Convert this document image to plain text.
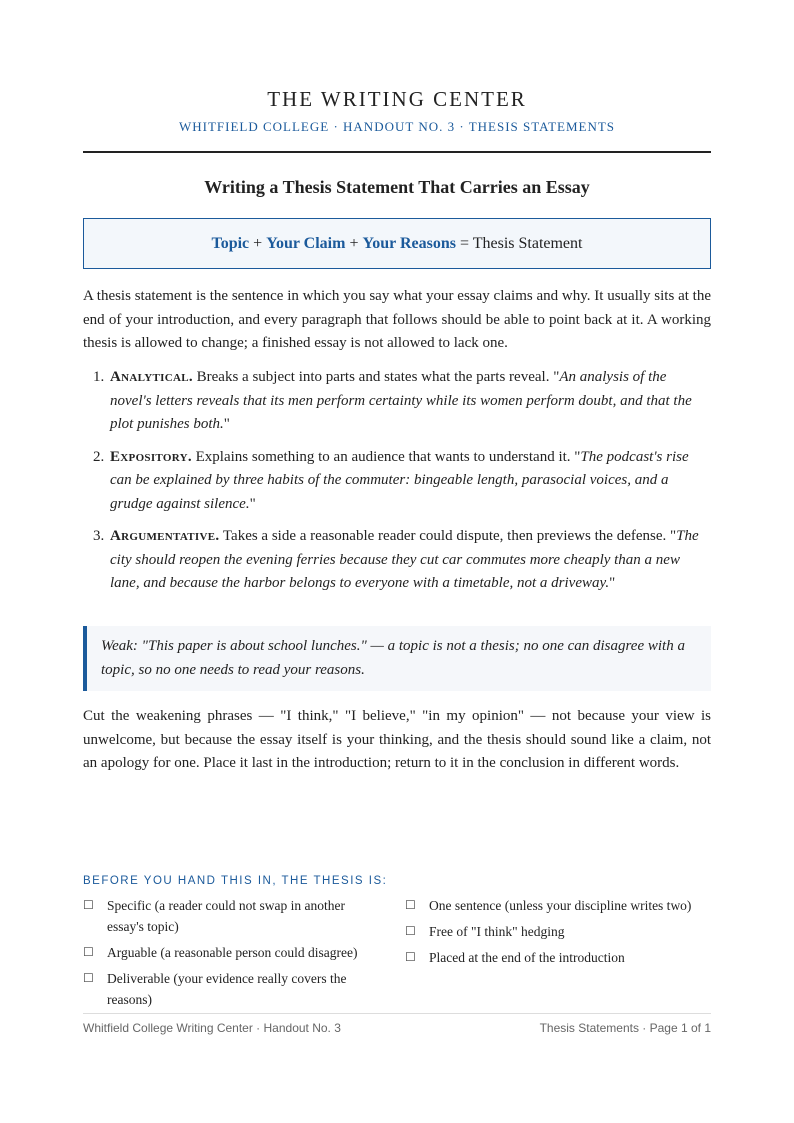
THE WRITING CENTER
WHITFIELD COLLEGE · HANDOUT NO. 3 · THESIS STATEMENTS
Writing a Thesis Statement That Carries an Essay
Topic + Your Claim + Your Reasons = Thesis Statement

A thesis statement is the sentence in which you say what your essay claims and why. It usually sits at the end of your introduction, and every paragraph that follows should be able to point back at it. A working thesis is allowed to change; a finished essay is not allowed to lack one.

1. Analytical. Breaks a subject into parts and states what the parts reveal. "An analysis of the novel's letters reveals that its men perform certainty while its women perform doubt, and that the plot punishes both."
2. Expository. Explains something to an audience that wants to understand it. "The podcast's rise can be explained by three habits of the commuter: bingeable length, parasocial voices, and a grudge against silence."
3. Argumentative. Takes a side a reasonable reader could dispute, then previews the defense. "The city should reopen the evening ferries because they cut car commutes more cheaply than a new lane, and because the harbor belongs to everyone with a timetable, not a driveway."
Weak: "This paper is about school lunches." — a topic is not a thesis; no one can disagree with a topic, so no one needs to read your reasons.

Cut the weakening phrases — "I think," "I believe," "in my opinion" — not because your view is unwelcome, but because the essay itself is your thinking, and the thesis should sound like a claim, not an apology for one. Place it last in the introduction; return to it in the conclusion in different words.

BEFORE YOU HAND THIS IN, THE THESIS IS:
☐ Specific (a reader could not swap in another essay's topic)
☐ Arguable (a reasonable person could disagree)
☐ Deliverable (your evidence really covers the reasons)
☐ One sentence (unless your discipline writes two)
☐ Free of "I think" hedging
☐ Placed at the end of the introduction
Whitfield College Writing Center · Handout No. 3	Thesis Statements · Page 1 of 1
